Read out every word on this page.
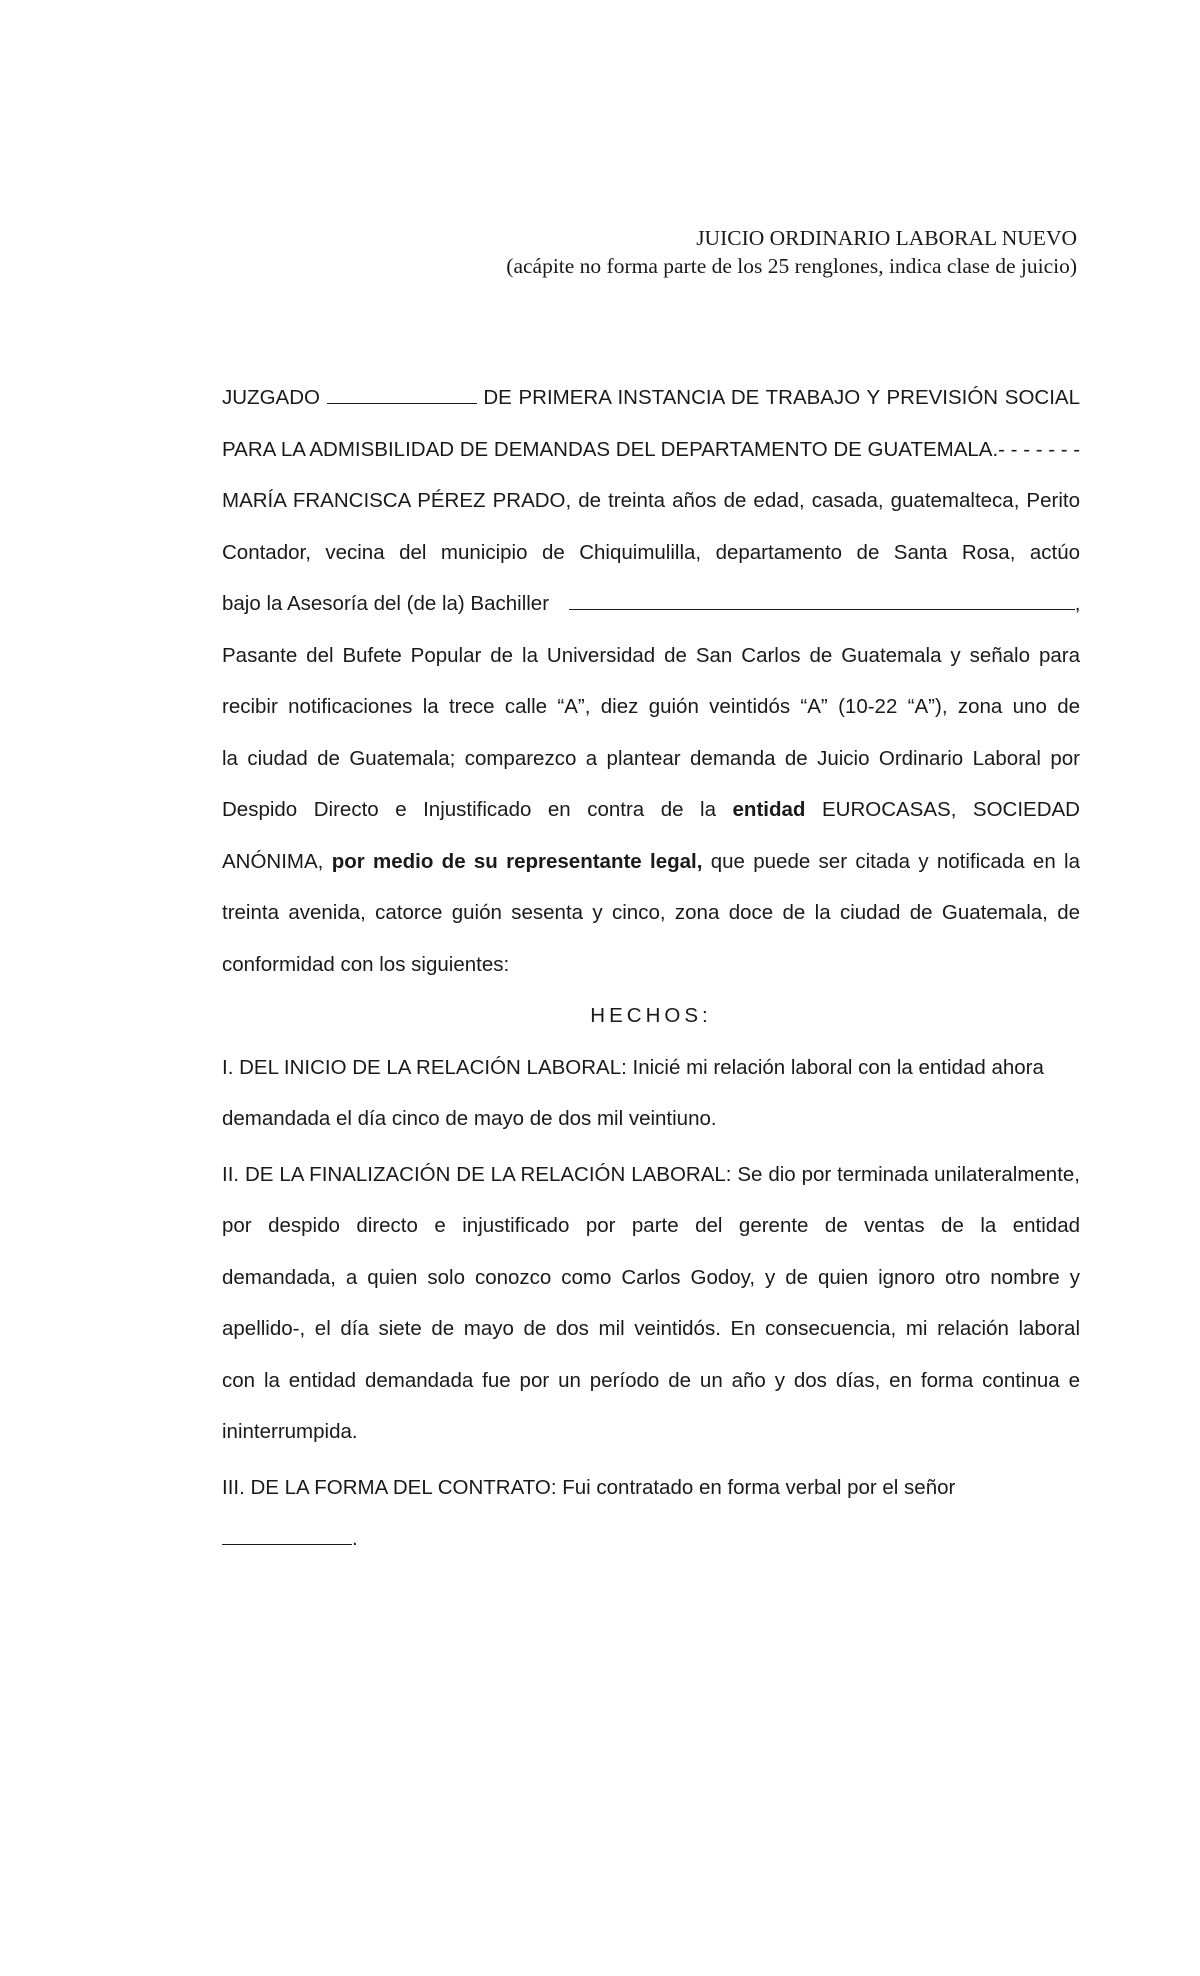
JUICIO ORDINARIO LABORAL NUEVO
(acápite no forma parte de los 25 renglones, indica clase de juicio)
JUZGADO	DE PRIMERA INSTANCIA DE TRABAJO Y PREVISIÓN SOCIAL
PARA LA ADMISBILIDAD DE DEMANDAS DEL DEPARTAMENTO DE GUATEMALA.- - - - - - -
MARÍA FRANCISCA PÉREZ PRADO, de treinta años de edad, casada, guatemalteca, Perito
Contador, vecina del municipio de Chiquimulilla, departamento de Santa Rosa, actúo
bajo la Asesoría del (de la) Bachiller	,
Pasante del Bufete Popular de la Universidad de San Carlos de Guatemala y señalo para
recibir notificaciones la trece calle “A”, diez guión veintidós “A” (10-22 “A”), zona uno de
la ciudad de Guatemala; comparezco a plantear demanda de Juicio Ordinario Laboral por
Despido Directo e Injustificado en contra de la entidad EUROCASAS, SOCIEDAD
ANÓNIMA, por medio de su representante legal, que puede ser citada y notificada en la
treinta avenida, catorce guión sesenta y cinco, zona doce de la ciudad de Guatemala, de
conformidad con los siguientes:
HECHOS:
I. DEL INICIO DE LA RELACIÓN LABORAL: Inicié mi relación laboral con la entidad ahora
demandada el día cinco de mayo de dos mil veintiuno.
II. DE LA FINALIZACIÓN DE LA RELACIÓN LABORAL: Se dio por terminada unilateralmente,
por despido directo e injustificado por parte del gerente de ventas de la entidad
demandada, a quien solo conozco como Carlos Godoy, y de quien ignoro otro nombre y
apellido-, el día siete de mayo de dos mil veintidós. En consecuencia, mi relación laboral
con la entidad demandada fue por un período de un año y dos días, en forma continua e
ininterrumpida.
III. DE LA FORMA DEL CONTRATO: Fui contratado en forma verbal por el señor
.
